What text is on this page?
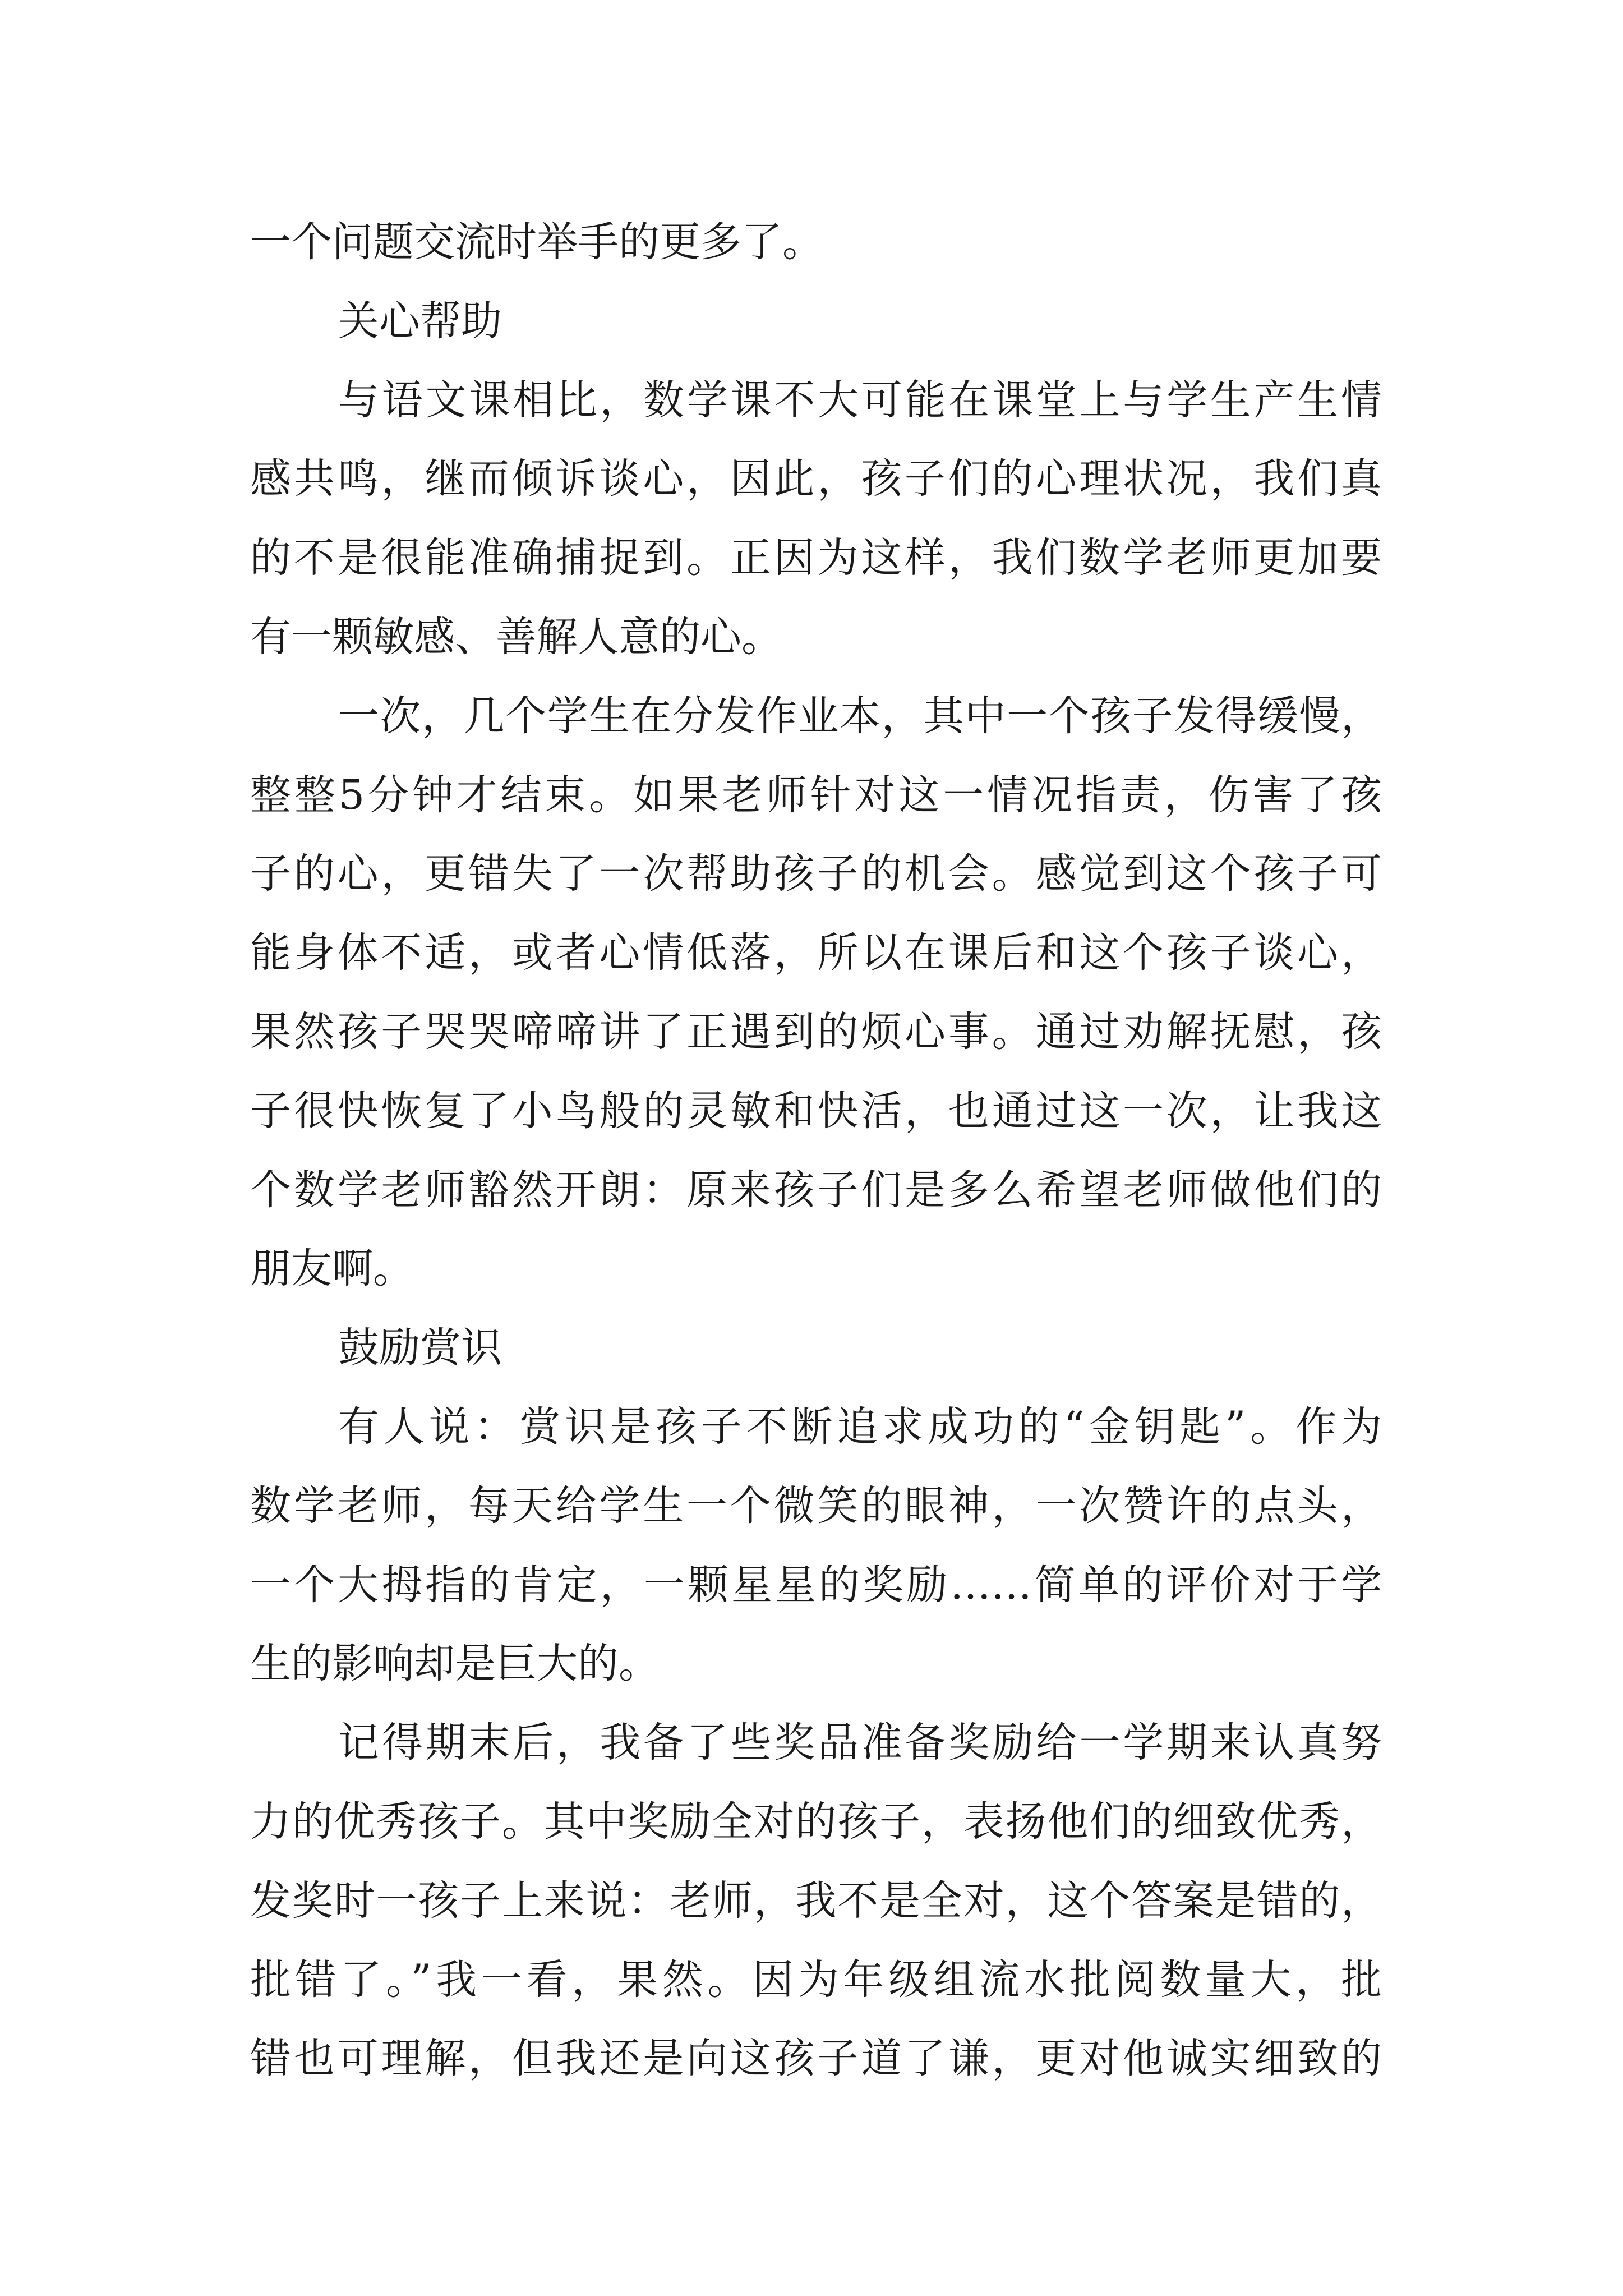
一个问题交流时举手的更多了。
关心帮助
与语文课相比，数学课不大可能在课堂上与学生产生情
感共鸣，继而倾诉谈心，因此，孩子们的心理状况，我们真
的不是很能准确捕捉到。正因为这样，我们数学老师更加要
有一颗敏感、善解人意的心。
一次，几个学生在分发作业本，其中一个孩子发得缓慢，
整整5分钟才结束。如果老师针对这一情况指责，伤害了孩
子的心，更错失了一次帮助孩子的机会。感觉到这个孩子可
能身体不适，或者心情低落，所以在课后和这个孩子谈心，
果然孩子哭哭啼啼讲了正遇到的烦心事。通过劝解抚慰，孩
子很快恢复了小鸟般的灵敏和快活，也通过这一次，让我这
个数学老师豁然开朗：原来孩子们是多么希望老师做他们的
朋友啊。
鼓励赏识
有人说：赏识是孩子不断追求成功的“金钥匙”。作为
数学老师，每天给学生一个微笑的眼神，一次赞许的点头，
一个大拇指的肯定，一颗星星的奖励……简单的评价对于学
生的影响却是巨大的。
记得期末后，我备了些奖品准备奖励给一学期来认真努
力的优秀孩子。其中奖励全对的孩子，表扬他们的细致优秀，
发奖时一孩子上来说：老师，我不是全对，这个答案是错的，
批错了。”我一看，果然。因为年级组流水批阅数量大，批
错也可理解，但我还是向这孩子道了谦，更对他诚实细致的
